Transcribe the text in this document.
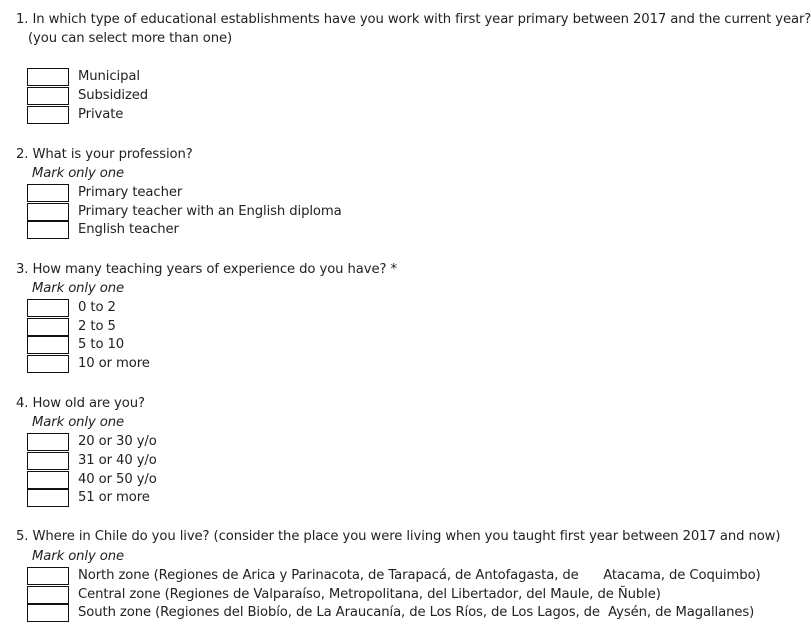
1. In which type of educational establishments have you work with first year primary between 2017 and the current year?
(you can select more than one)
Municipal
Subsidized
Private
2. What is your profession?
Mark only one
Primary teacher
Primary teacher with an English diploma
English teacher
3. How many teaching years of experience do you have? *
Mark only one
0 to 2
2 to 5
5 to 10
10 or more
4. How old are you?
Mark only one
20 or 30 y/o
31 or 40 y/o
40 or 50 y/o
51 or more
5. Where in Chile do you live? (consider the place you were living when you taught first year between 2017 and now)
Mark only one
North zone (Regiones de Arica y Parinacota, de Tarapacá, de Antofagasta, de      Atacama, de Coquimbo)
Central zone (Regiones de Valparaíso, Metropolitana, del Libertador, del Maule, de Ñuble)
South zone (Regiones del Biobío, de La Araucanía, de Los Ríos, de Los Lagos, de  Aysén, de Magallanes)
